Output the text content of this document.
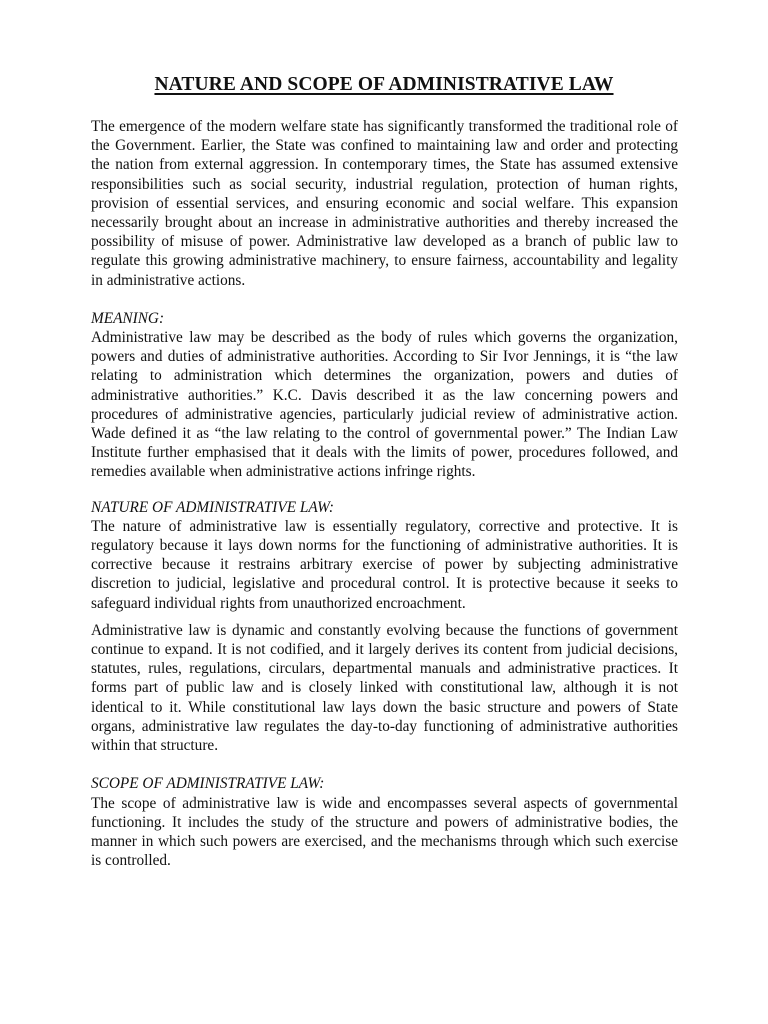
NATURE AND SCOPE OF ADMINISTRATIVE LAW

The emergence of the modern welfare state has significantly transformed the traditional role of the Government. Earlier, the State was confined to maintaining law and order and protecting the nation from external aggression. In contemporary times, the State has assumed extensive responsibilities such as social security, industrial regulation, protection of human rights, provision of essential services, and ensuring economic and social welfare. This expansion necessarily brought about an increase in administrative authorities and thereby increased the possibility of misuse of power. Administrative law developed as a branch of public law to regulate this growing administrative machinery, to ensure fairness, accountability and legality in administrative actions.

MEANING:

Administrative law may be described as the body of rules which governs the organization, powers and duties of administrative authorities. According to Sir Ivor Jennings, it is “the law relating to administration which determines the organization, powers and duties of administrative authorities.” K.C. Davis described it as the law concerning powers and procedures of administrative agencies, particularly judicial review of administrative action. Wade defined it as “the law relating to the control of governmental power.” The Indian Law Institute further emphasised that it deals with the limits of power, procedures followed, and remedies available when administrative actions infringe rights.

NATURE OF ADMINISTRATIVE LAW:

The nature of administrative law is essentially regulatory, corrective and protective. It is regulatory because it lays down norms for the functioning of administrative authorities. It is corrective because it restrains arbitrary exercise of power by subjecting administrative discretion to judicial, legislative and procedural control. It is protective because it seeks to safeguard individual rights from unauthorized encroachment.

Administrative law is dynamic and constantly evolving because the functions of government continue to expand. It is not codified, and it largely derives its content from judicial decisions, statutes, rules, regulations, circulars, departmental manuals and administrative practices. It forms part of public law and is closely linked with constitutional law, although it is not identical to it. While constitutional law lays down the basic structure and powers of State organs, administrative law regulates the day-to-day functioning of administrative authorities within that structure.

SCOPE OF ADMINISTRATIVE LAW:

The scope of administrative law is wide and encompasses several aspects of governmental functioning. It includes the study of the structure and powers of administrative bodies, the manner in which such powers are exercised, and the mechanisms through which such exercise is controlled.
